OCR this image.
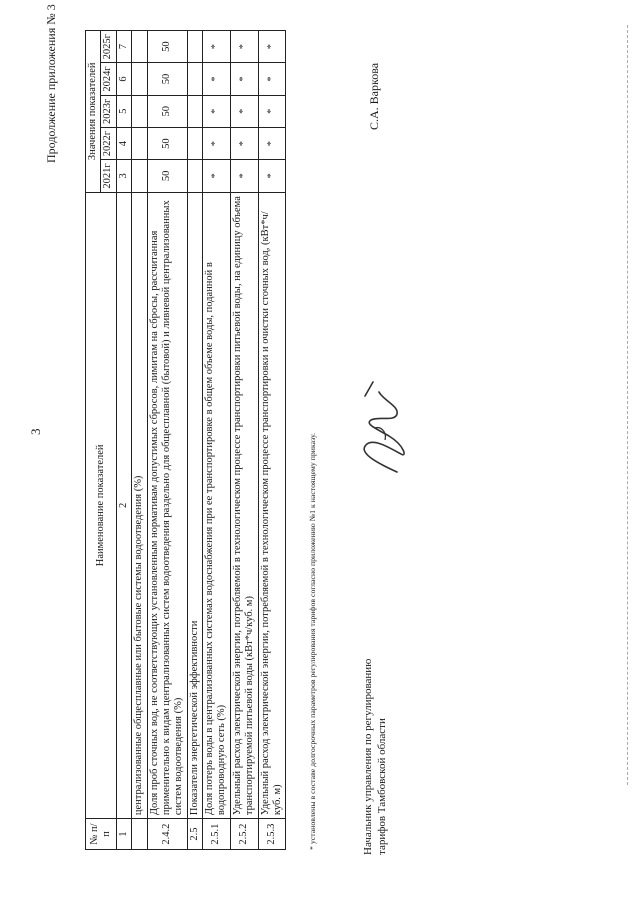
3
Продолжение приложения № 3
№ п/п	Наименование показателей	Значения показателей				
		2021г	2022г	2023г	2024г	2025г
1	2	3	4	5	6	7
	централизованные общесплавные или бытовые системы водоотведения (%)					
2.4.2	Доля проб сточных вод, не соответствующих установленным нормативам допустимых сбросов, лимитам на сбросы, рассчитанная применительно к видам централизованных систем водоотведения раздельно для общесплавной (бытовой) и ливневой централизованных систем водоотведения (%)	50	50	50	50	50
2.5	Показатели энергетической эффективности					
2.5.1	Доля потерь воды в централизованных системах водоснабжения при ее транспортировке в общем объеме воды, поданной в водопроводную сеть (%)	*	*	*	*	*
2.5.2	Удельный расход электрической энергии, потребляемой в технологическом процессе транспортировки питьевой воды, на единицу объема транспортируемой питьевой воды (кВт*ч/куб. м)	*	*	*	*	*
2.5.3	Удельный расход электрической энергии, потребляемой в технологическом процессе транспортировки и очистки сточных вод, (кВт*ч/куб. м)	*	*	*	*	*
* установлены в составе долгосрочных параметров регулирования тарифов согласно приложению №1 к настоящему приказу.	Начальник управления по регулированию тарифов Тамбовской области
С.А. Варкова
